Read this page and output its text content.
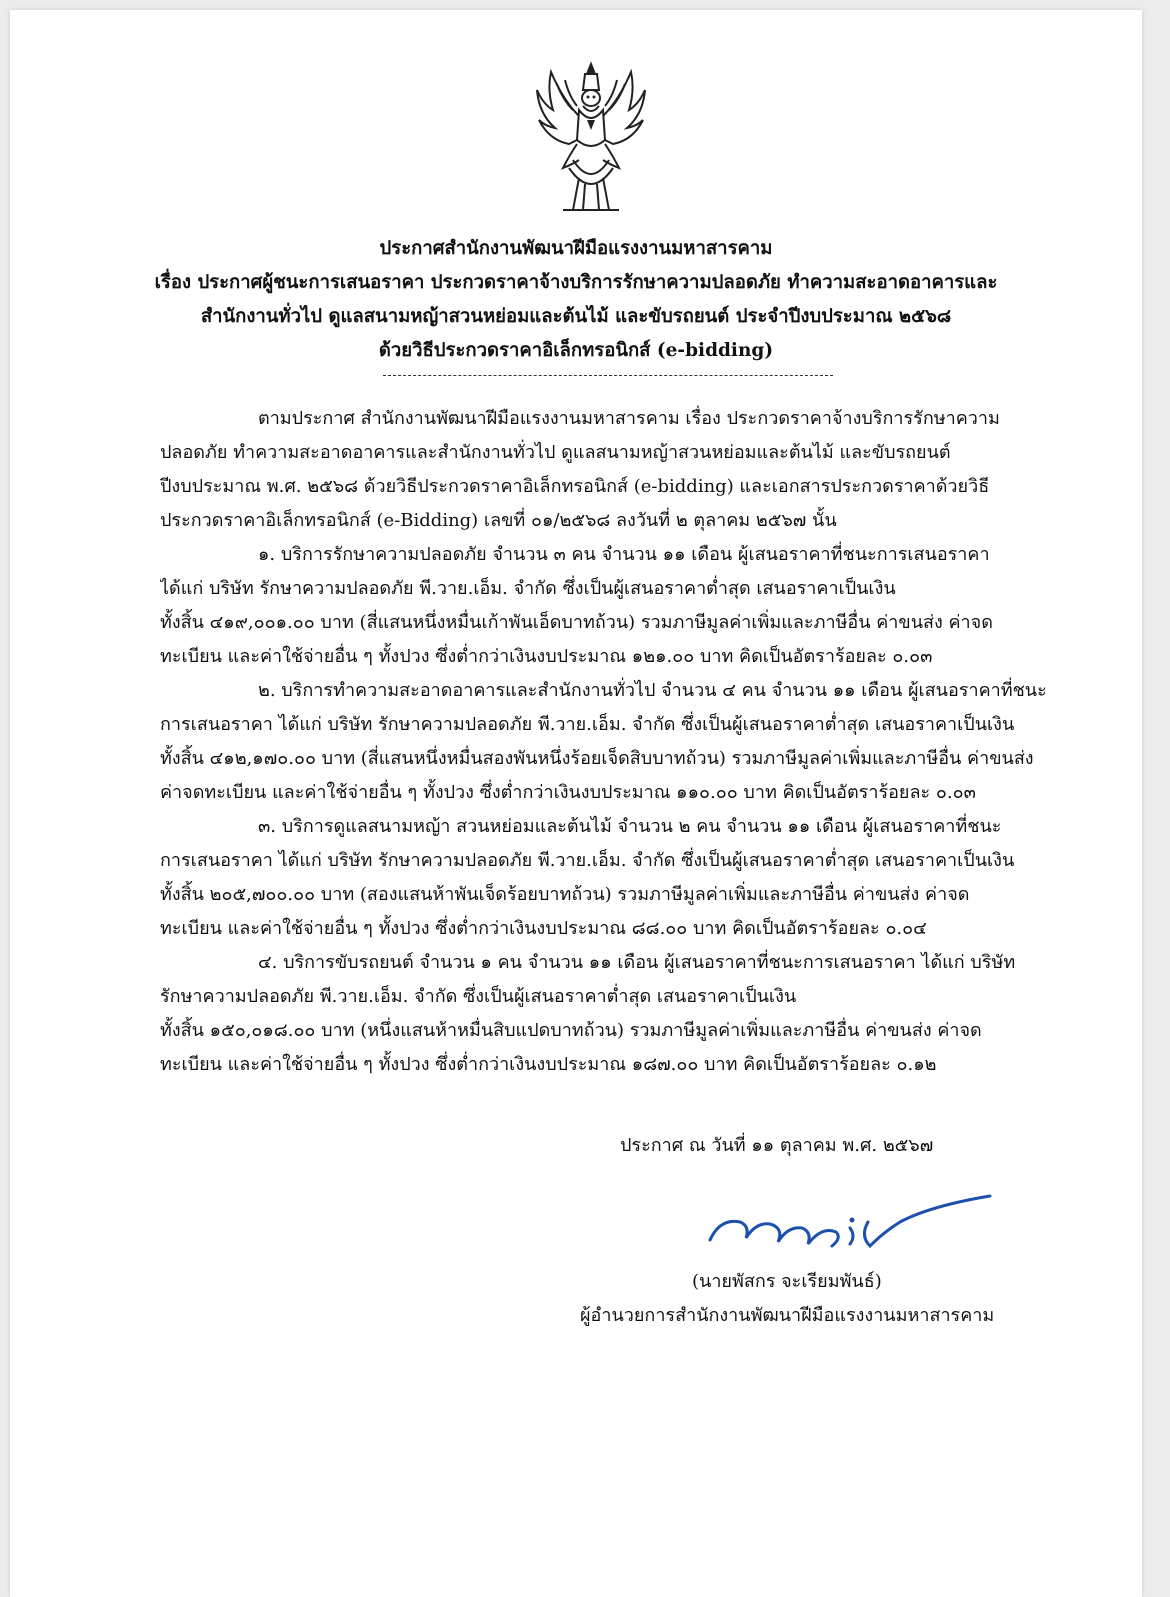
ประกาศสำนักงานพัฒนาฝีมือแรงงานมหาสารคาม
เรื่อง ประกาศผู้ชนะการเสนอราคา ประกวดราคาจ้างบริการรักษาความปลอดภัย ทำความสะอาดอาคารและ
สำนักงานทั่วไป ดูแลสนามหญ้าสวนหย่อมและต้นไม้ และขับรถยนต์ ประจำปีงบประมาณ ๒๕๖๘
ด้วยวิธีประกวดราคาอิเล็กทรอนิกส์ (e-bidding)

ตามประกาศ สำนักงานพัฒนาฝีมือแรงงานมหาสารคาม เรื่อง ประกวดราคาจ้างบริการรักษาความ
ปลอดภัย ทำความสะอาดอาคารและสำนักงานทั่วไป ดูแลสนามหญ้าสวนหย่อมและต้นไม้ และขับรถยนต์
ปีงบประมาณ พ.ศ. ๒๕๖๘ ด้วยวิธีประกวดราคาอิเล็กทรอนิกส์ (e-bidding) และเอกสารประกวดราคาด้วยวิธี
ประกวดราคาอิเล็กทรอนิกส์ (e-Bidding) เลขที่ ๐๑/๒๕๖๘ ลงวันที่ ๒ ตุลาคม ๒๕๖๗ นั้น

๑. บริการรักษาความปลอดภัย จำนวน ๓ คน จำนวน ๑๑ เดือน ผู้เสนอราคาที่ชนะการเสนอราคา
ได้แก่ บริษัท รักษาความปลอดภัย พี.วาย.เอ็ม. จำกัด ซึ่งเป็นผู้เสนอราคาต่ำสุด เสนอราคาเป็นเงิน
ทั้งสิ้น ๔๑๙,๐๐๑.๐๐ บาท (สี่แสนหนึ่งหมื่นเก้าพันเอ็ดบาทถ้วน) รวมภาษีมูลค่าเพิ่มและภาษีอื่น ค่าขนส่ง ค่าจด
ทะเบียน และค่าใช้จ่ายอื่น ๆ ทั้งปวง ซึ่งต่ำกว่าเงินงบประมาณ ๑๒๑.๐๐ บาท คิดเป็นอัตราร้อยละ ๐.๐๓

๒. บริการทำความสะอาดอาคารและสำนักงานทั่วไป จำนวน ๔ คน จำนวน ๑๑ เดือน ผู้เสนอราคาที่ชนะ
การเสนอราคา ได้แก่ บริษัท รักษาความปลอดภัย พี.วาย.เอ็ม. จำกัด ซึ่งเป็นผู้เสนอราคาต่ำสุด เสนอราคาเป็นเงิน
ทั้งสิ้น ๔๑๒,๑๗๐.๐๐ บาท (สี่แสนหนึ่งหมื่นสองพันหนึ่งร้อยเจ็ดสิบบาทถ้วน) รวมภาษีมูลค่าเพิ่มและภาษีอื่น ค่าขนส่ง
ค่าจดทะเบียน และค่าใช้จ่ายอื่น ๆ ทั้งปวง ซึ่งต่ำกว่าเงินงบประมาณ ๑๑๐.๐๐ บาท คิดเป็นอัตราร้อยละ ๐.๐๓

๓. บริการดูแลสนามหญ้า สวนหย่อมและต้นไม้ จำนวน ๒ คน จำนวน ๑๑ เดือน ผู้เสนอราคาที่ชนะ
การเสนอราคา ได้แก่ บริษัท รักษาความปลอดภัย พี.วาย.เอ็ม. จำกัด ซึ่งเป็นผู้เสนอราคาต่ำสุด เสนอราคาเป็นเงิน
ทั้งสิ้น ๒๐๕,๗๐๐.๐๐ บาท (สองแสนห้าพันเจ็ดร้อยบาทถ้วน) รวมภาษีมูลค่าเพิ่มและภาษีอื่น ค่าขนส่ง ค่าจด
ทะเบียน และค่าใช้จ่ายอื่น ๆ ทั้งปวง ซึ่งต่ำกว่าเงินงบประมาณ ๘๘.๐๐ บาท คิดเป็นอัตราร้อยละ ๐.๐๔

๔. บริการขับรถยนต์ จำนวน ๑ คน จำนวน ๑๑ เดือน ผู้เสนอราคาที่ชนะการเสนอราคา ได้แก่ บริษัท
รักษาความปลอดภัย พี.วาย.เอ็ม. จำกัด ซึ่งเป็นผู้เสนอราคาต่ำสุด เสนอราคาเป็นเงิน
ทั้งสิ้น ๑๕๐,๐๑๘.๐๐ บาท (หนึ่งแสนห้าหมื่นสิบแปดบาทถ้วน) รวมภาษีมูลค่าเพิ่มและภาษีอื่น ค่าขนส่ง ค่าจด
ทะเบียน และค่าใช้จ่ายอื่น ๆ ทั้งปวง ซึ่งต่ำกว่าเงินงบประมาณ ๑๘๗.๐๐ บาท คิดเป็นอัตราร้อยละ ๐.๑๒

ประกาศ ณ วันที่ ๑๑ ตุลาคม พ.ศ. ๒๕๖๗
(นายพัสกร จะเรียมพันธ์)
ผู้อำนวยการสำนักงานพัฒนาฝีมือแรงงานมหาสารคาม
